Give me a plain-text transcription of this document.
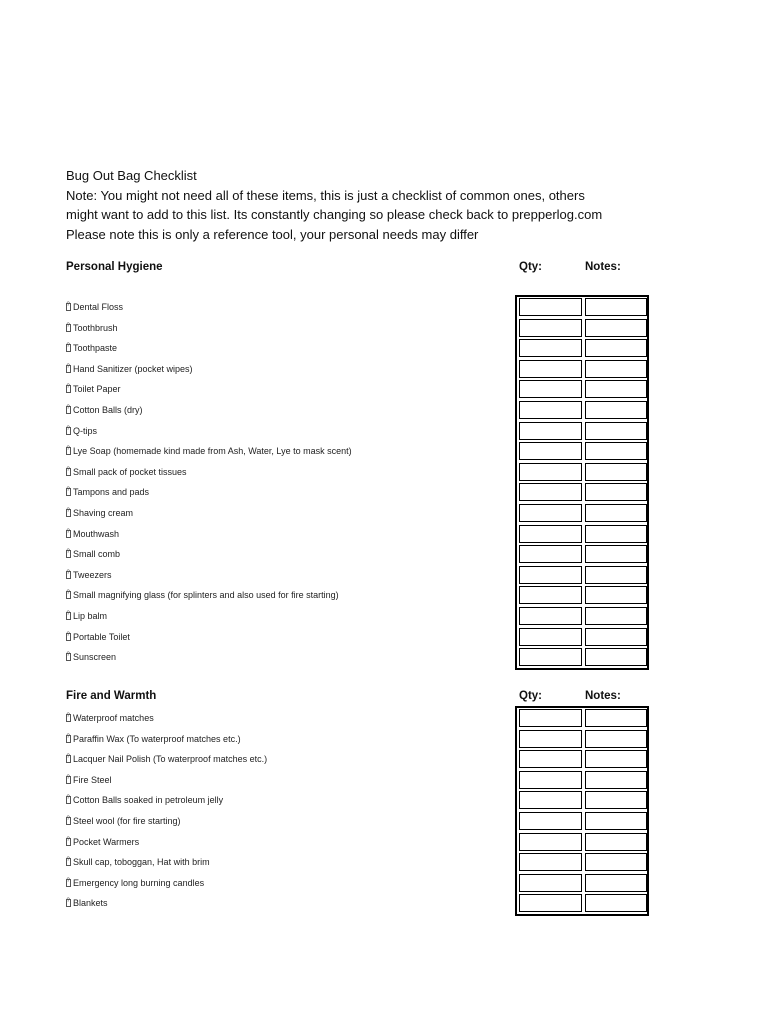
Bug Out Bag Checklist
Note: You might not need all of these items, this is just a checklist of common ones, others
might want to add to this list. Its constantly changing so please check back to prepperlog.com
Please note this is only a reference tool, your personal needs may differ
Personal Hygiene	Qty:	Notes:
?
Dental Floss
?
Toothbrush
?
Toothpaste
?
Hand Sanitizer (pocket wipes)
?
Toilet Paper
?
Cotton Balls (dry)
?
Q-tips
?
Lye Soap (homemade kind made from Ash, Water, Lye to mask scent)
?
Small pack of pocket tissues
?
Tampons and pads
?
Shaving cream
?
Mouthwash
?
Small comb
?
Tweezers
?
Small magnifying glass (for splinters and also used for fire starting)
?
Lip balm
?
Portable Toilet
?
Sunscreen
Fire and Warmth	Qty:	Notes:
?
Waterproof matches
?
Paraffin Wax (To waterproof matches etc.)
?
Lacquer Nail Polish (To waterproof matches etc.)
?
Fire Steel
?
Cotton Balls soaked in petroleum jelly
?
Steel wool (for fire starting)
?
Pocket Warmers
?
Skull cap, toboggan, Hat with brim
?
Emergency long burning candles
?
Blankets
